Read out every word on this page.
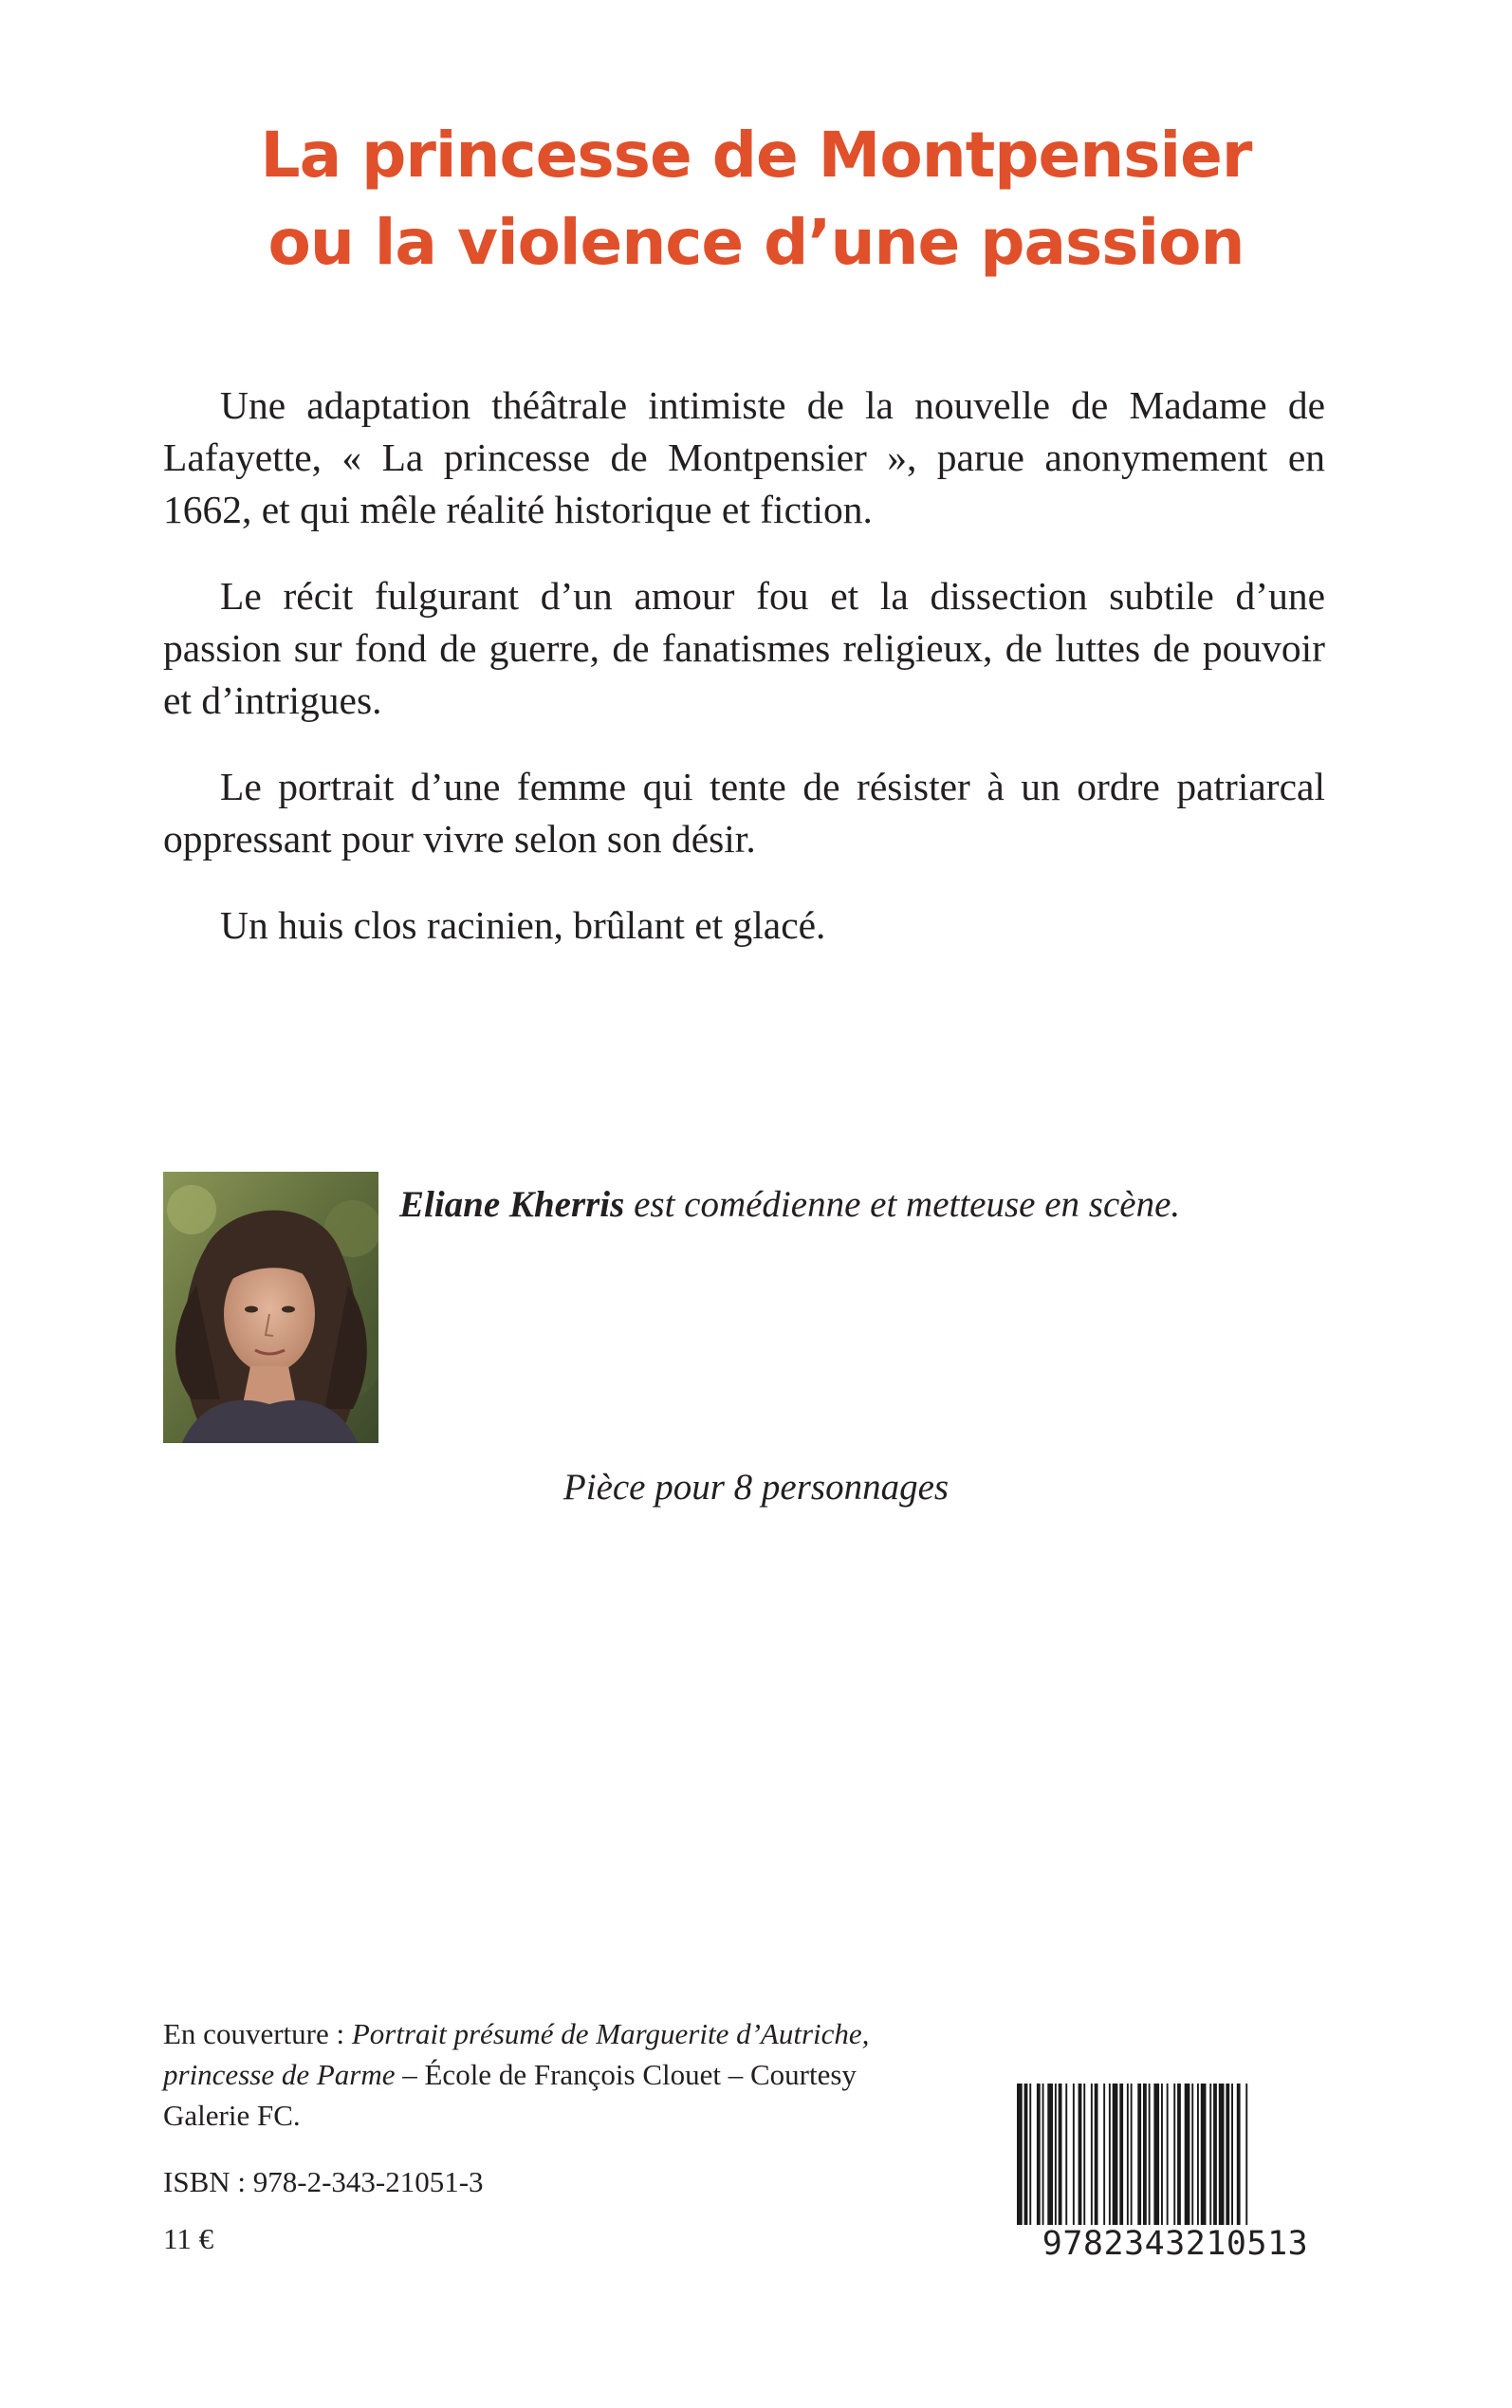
La princesse de Montpensier
ou la violence d’une passion

Une adaptation théâtrale intimiste de la nouvelle de Madame de Lafayette, « La princesse de Montpensier », parue anonymement en 1662, et qui mêle réalité historique et fiction.

Le récit fulgurant d’un amour fou et la dissection subtile d’une passion sur fond de guerre, de fanatismes religieux, de luttes de pouvoir et d’intrigues.

Le portrait d’une femme qui tente de résister à un ordre patriarcal oppressant pour vivre selon son désir.

Un huis clos racinien, brûlant et glacé.

Eliane Kherris est comédienne et metteuse en scène.
Pièce pour 8 personnages
En couverture : Portrait présumé de Marguerite d’Autriche, princesse de Parme – École de François Clouet – Courtesy Galerie FC.
ISBN : 978-2-343-21051-3
11 €	9782343210513
